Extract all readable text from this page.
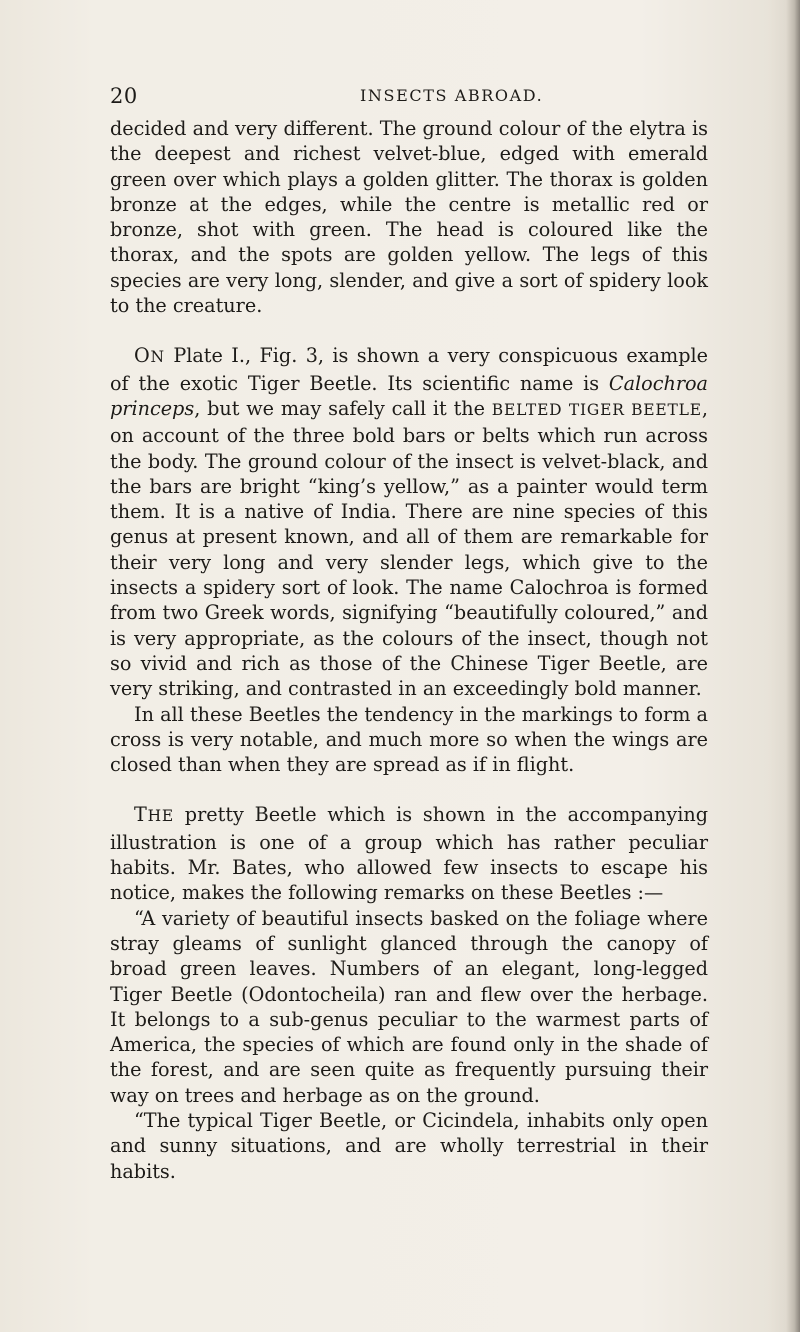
20	INSECTS ABROAD.

decided and very different. The ground colour of the elytra is the deepest and richest velvet-blue, edged with emerald green over which plays a golden glitter. The thorax is golden bronze at the edges, while the centre is metallic red or bronze, shot with green. The head is coloured like the thorax, and the spots are golden yellow. The legs of this species are very long, slender, and give a sort of spidery look to the creature.

ON Plate I., Fig. 3, is shown a very conspicuous example of the exotic Tiger Beetle. Its scientific name is Calochroa princeps, but we may safely call it the BELTED TIGER BEETLE, on account of the three bold bars or belts which run across the body. The ground colour of the insect is velvet-black, and the bars are bright “king’s yellow,” as a painter would term them. It is a native of India. There are nine species of this genus at present known, and all of them are remarkable for their very long and very slender legs, which give to the insects a spidery sort of look. The name Calochroa is formed from two Greek words, signifying “beautifully coloured,” and is very appropriate, as the colours of the insect, though not so vivid and rich as those of the Chinese Tiger Beetle, are very striking, and contrasted in an exceedingly bold manner.

In all these Beetles the tendency in the markings to form a cross is very notable, and much more so when the wings are closed than when they are spread as if in flight.

THE pretty Beetle which is shown in the accompanying illustration is one of a group which has rather peculiar habits. Mr. Bates, who allowed few insects to escape his notice, makes the following remarks on these Beetles :—

“A variety of beautiful insects basked on the foliage where stray gleams of sunlight glanced through the canopy of broad green leaves. Numbers of an elegant, long-legged Tiger Beetle (Odontocheila) ran and flew over the herbage. It belongs to a sub-genus peculiar to the warmest parts of America, the species of which are found only in the shade of the forest, and are seen quite as frequently pursuing their way on trees and herbage as on the ground.

“The typical Tiger Beetle, or Cicindela, inhabits only open and sunny situations, and are wholly terrestrial in their habits.
